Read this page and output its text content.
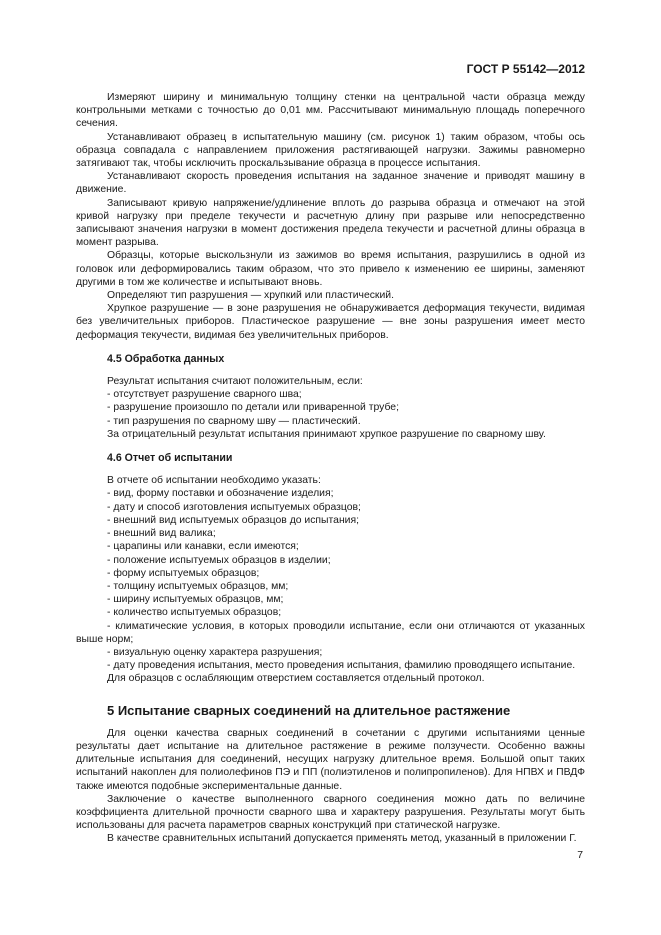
ГОСТ Р 55142—2012

Измеряют ширину и минимальную толщину стенки на центральной части образца между контрольными метками с точностью до 0,01 мм. Рассчитывают минимальную площадь поперечного сечения.

Устанавливают образец в испытательную машину (см. рисунок 1) таким образом, чтобы ось образца совпадала с направлением приложения растягивающей нагрузки. Зажимы равномерно затягивают так, чтобы исключить проскальзывание образца в процессе испытания.

Устанавливают скорость проведения испытания на заданное значение и приводят машину в движение.

Записывают кривую напряжение/удлинение вплоть до разрыва образца и отмечают на этой кривой нагрузку при пределе текучести и расчетную длину при разрыве или непосредственно записывают значения нагрузки в момент достижения предела текучести и расчетной длины образца в момент разрыва.

Образцы, которые выскользнули из зажимов во время испытания, разрушились в одной из головок или деформировались таким образом, что это привело к изменению ее ширины, заменяют другими в том же количестве и испытывают вновь.

Определяют тип разрушения — хрупкий или пластический.

Хрупкое разрушение — в зоне разрушения не обнаруживается деформация текучести, видимая без увеличительных приборов. Пластическое разрушение — вне зоны разрушения имеет место деформация текучести, видимая без увеличительных приборов.

4.5 Обработка данных

Результат испытания считают положительным, если:

- отсутствует разрушение сварного шва;

- разрушение произошло по детали или приваренной трубе;

- тип разрушения по сварному шву — пластический.

За отрицательный результат испытания принимают хрупкое разрушение по сварному шву.

4.6 Отчет об испытании

В отчете об испытании необходимо указать:

- вид, форму поставки и обозначение изделия;

- дату и способ изготовления испытуемых образцов;

- внешний вид испытуемых образцов до испытания;

- внешний вид валика;

- царапины или канавки, если имеются;

- положение испытуемых образцов в изделии;

- форму испытуемых образцов;

- толщину испытуемых образцов, мм;

- ширину испытуемых образцов, мм;

- количество испытуемых образцов;

- климатические условия, в которых проводили испытание, если они отличаются от указанных выше норм;

- визуальную оценку характера разрушения;

- дату проведения испытания, место проведения испытания, фамилию проводящего испытание.

Для образцов с ослабляющим отверстием составляется отдельный протокол.

5 Испытание сварных соединений на длительное растяжение

Для оценки качества сварных соединений в сочетании с другими испытаниями ценные результаты дает испытание на длительное растяжение в режиме ползучести. Особенно важны длительные испытания для соединений, несущих нагрузку длительное время. Большой опыт таких испытаний накоплен для полиолефинов ПЭ и ПП (полиэтиленов и полипропиленов). Для НПВХ и ПВДФ также имеются подобные экспериментальные данные.

Заключение о качестве выполненного сварного соединения можно дать по величине коэффициента длительной прочности сварного шва и характеру разрушения. Результаты могут быть использованы для расчета параметров сварных конструкций при статической нагрузке.

В качестве сравнительных испытаний допускается применять метод, указанный в приложении Г.

7
